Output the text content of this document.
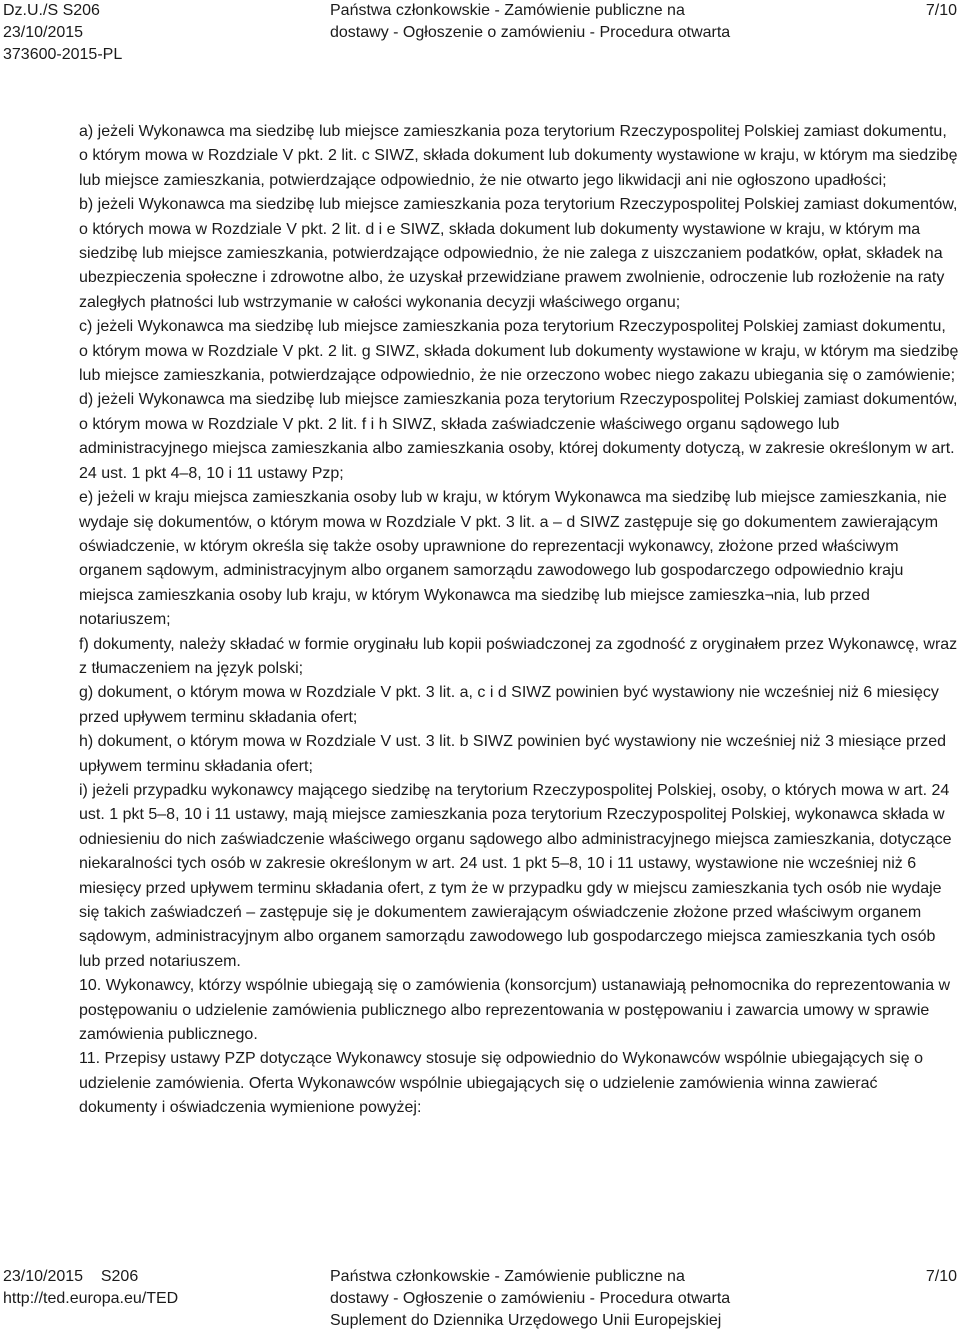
Dz.U./S S206
23/10/2015
373600-2015-PL
Państwa członkowskie - Zamówienie publiczne na
dostawy - Ogłoszenie o zamówieniu - Procedura otwarta
7/10

a) jeżeli Wykonawca ma siedzibę lub miejsce zamieszkania poza terytorium Rzeczypospolitej Polskiej zamiast dokumentu, o którym mowa w Rozdziale V pkt. 2 lit. c SIWZ, składa dokument lub dokumenty wystawione w kraju, w którym ma siedzibę lub miejsce zamieszkania, potwierdzające odpowiednio, że nie otwarto jego likwidacji ani nie ogłoszono upadłości;

b) jeżeli Wykonawca ma siedzibę lub miejsce zamieszkania poza terytorium Rzeczypospolitej Polskiej zamiast dokumentów, o których mowa w Rozdziale V pkt. 2 lit. d i e SIWZ, składa dokument lub dokumenty wystawione w kraju, w którym ma siedzibę lub miejsce zamieszkania, potwierdzające odpowiednio, że nie zalega z uiszczaniem podatków, opłat, składek na ubezpieczenia społeczne i zdrowotne albo, że uzyskał przewidziane prawem zwolnienie, odroczenie lub rozłożenie na raty zaległych płatności lub wstrzymanie w całości wykonania decyzji właściwego organu;

c) jeżeli Wykonawca ma siedzibę lub miejsce zamieszkania poza terytorium Rzeczypospolitej Polskiej zamiast dokumentu, o którym mowa w Rozdziale V pkt. 2 lit. g SIWZ, składa dokument lub dokumenty wystawione w kraju, w którym ma siedzibę lub miejsce zamieszkania, potwierdzające odpowiednio, że nie orzeczono wobec niego zakazu ubiegania się o zamówienie;

d) jeżeli Wykonawca ma siedzibę lub miejsce zamieszkania poza terytorium Rzeczypospolitej Polskiej zamiast dokumentów, o którym mowa w Rozdziale V pkt. 2 lit. f i h SIWZ, składa zaświadczenie właściwego organu sądowego lub administracyjnego miejsca zamieszkania albo zamieszkania osoby, której dokumenty dotyczą, w zakresie określonym w art. 24 ust. 1 pkt 4–8, 10 i 11 ustawy Pzp;

e) jeżeli w kraju miejsca zamieszkania osoby lub w kraju, w którym Wykonawca ma siedzibę lub miejsce zamieszkania, nie wydaje się dokumentów, o którym mowa w Rozdziale V pkt. 3 lit. a – d SIWZ zastępuje się go dokumentem zawierającym oświadczenie, w którym określa się także osoby uprawnione do reprezentacji wykonawcy, złożone przed właściwym organem sądowym, administracyjnym albo organem samorządu zawodowego lub gospodarczego odpowiednio kraju miejsca zamieszkania osoby lub kraju, w którym Wykonawca ma siedzibę lub miejsce zamieszka¬nia, lub przed notariuszem;

f) dokumenty, należy składać w formie oryginału lub kopii poświadczonej za zgodność z oryginałem przez Wykonawcę, wraz z tłumaczeniem na język polski;

g) dokument, o którym mowa w Rozdziale V pkt. 3 lit. a, c i d SIWZ powinien być wystawiony nie wcześniej niż 6 miesięcy przed upływem terminu składania ofert;

h) dokument, o którym mowa w Rozdziale V ust. 3 lit. b SIWZ powinien być wystawiony nie wcześniej niż 3 miesiące przed upływem terminu składania ofert;

i) jeżeli przypadku wykonawcy mającego siedzibę na terytorium Rzeczypospolitej Polskiej, osoby, o których mowa w art. 24 ust. 1 pkt 5–8, 10 i 11 ustawy, mają miejsce zamieszkania poza terytorium Rzeczypospolitej Polskiej, wykonawca składa w odniesieniu do nich zaświadczenie właściwego organu sądowego albo administracyjnego miejsca zamieszkania, dotyczące niekaralności tych osób w zakresie określonym w art. 24 ust. 1 pkt 5–8, 10 i 11 ustawy, wystawione nie wcześniej niż 6 miesięcy przed upływem terminu składania ofert, z tym że w przypadku gdy w miejscu zamieszkania tych osób nie wydaje się takich zaświadczeń – zastępuje się je dokumentem zawierającym oświadczenie złożone przed właściwym organem sądowym, administracyjnym albo organem samorządu zawodowego lub gospodarczego miejsca zamieszkania tych osób lub przed notariuszem.

10. Wykonawcy, którzy wspólnie ubiegają się o zamówienia (konsorcjum) ustanawiają pełnomocnika do reprezentowania w postępowaniu o udzielenie zamówienia publicznego albo reprezentowania w postępowaniu i zawarcia umowy w sprawie zamówienia publicznego.

11. Przepisy ustawy PZP dotyczące Wykonawcy stosuje się odpowiednio do Wykonawców wspólnie ubiegających się o udzielenie zamówienia. Oferta Wykonawców wspólnie ubiegających się o udzielenie zamówienia winna zawierać dokumenty i oświadczenia wymienione powyżej:

23/10/2015    S206
http://ted.europa.eu/TED
Państwa członkowskie - Zamówienie publiczne na
dostawy - Ogłoszenie o zamówieniu - Procedura otwarta
Suplement do Dziennika Urzędowego Unii Europejskiej
7/10
